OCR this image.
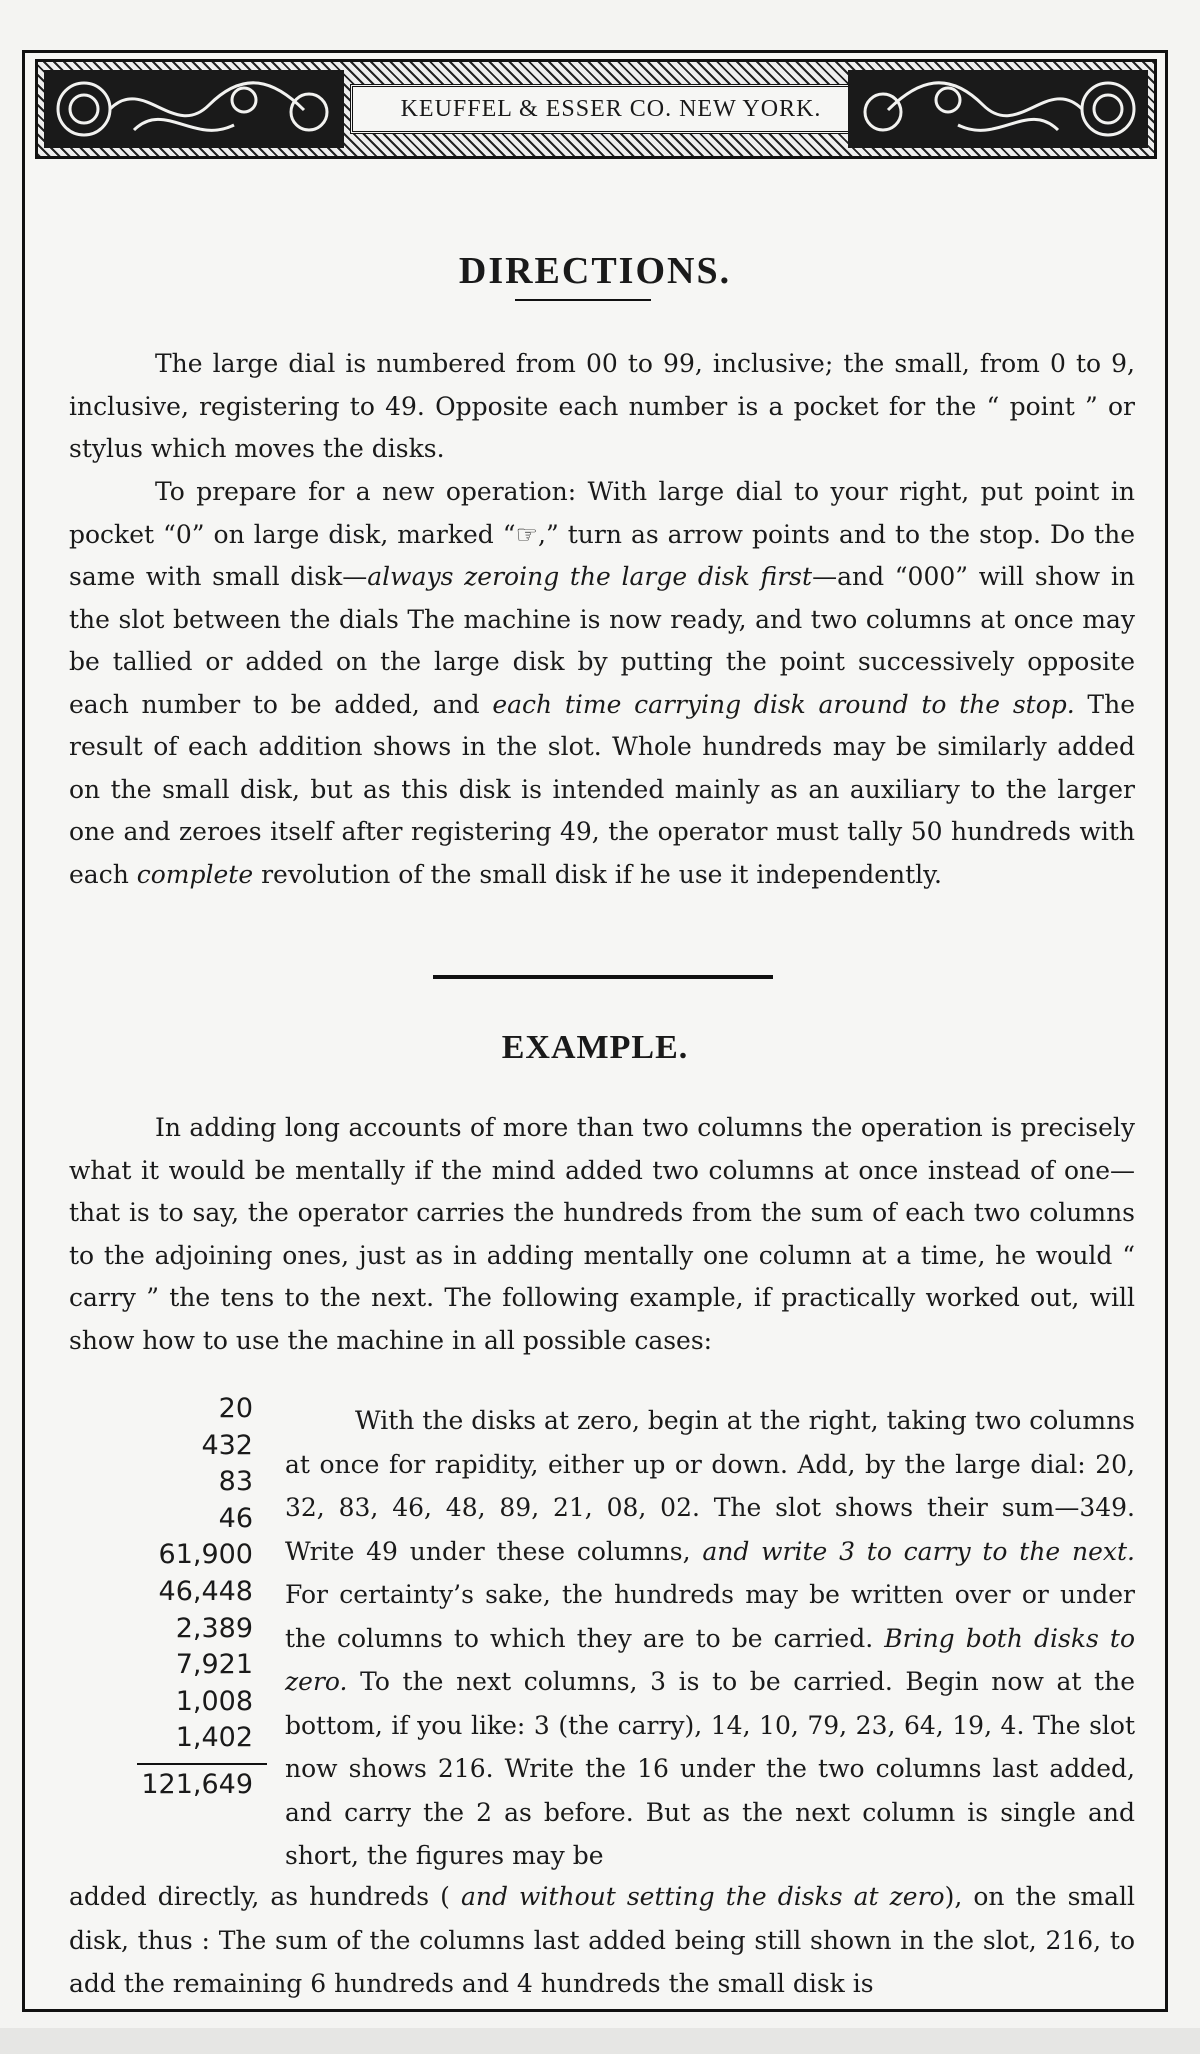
KEUFFEL & ESSER CO. NEW YORK.
DIRECTIONS.

The large dial is numbered from 00 to 99, inclusive; the small, from 0 to 9, inclusive, registering to 49. Opposite each number is a pocket for the “ point ” or stylus which moves the disks.

To prepare for a new operation: With large dial to your right, put point in pocket “0” on large disk, marked “☞,” turn as arrow points and to the stop. Do the same with small disk—always zeroing the large disk first—and “000” will show in the slot between the dials The machine is now ready, and two columns at once may be tallied or added on the large disk by putting the point successively opposite each number to be added, and each time carrying disk around to the stop. The result of each addition shows in the slot. Whole hundreds may be similarly added on the small disk, but as this disk is intended mainly as an auxiliary to the larger one and zeroes itself after registering 49, the operator must tally 50 hundreds with each complete revolution of the small disk if he use it independently.

EXAMPLE.

In adding long accounts of more than two columns the operation is precisely what it would be mentally if the mind added two columns at once instead of one—that is to say, the operator carries the hundreds from the sum of each two columns to the adjoining ones, just as in adding mentally one column at a time, he would “ carry ” the tens to the next. The following example, if practically worked out, will show how to use the machine in all possible cases:

20
432
83
46
61,900
46,448
2,389
7,921
1,008
1,402
121,649

With the disks at zero, begin at the right, taking two columns at once for rapidity, either up or down. Add, by the large dial: 20, 32, 83, 46, 48, 89, 21, 08, 02. The slot shows their sum—349. Write 49 under these columns, and write 3 to carry to the next. For certainty’s sake, the hundreds may be written over or under the columns to which they are to be carried. Bring both disks to zero. To the next columns, 3 is to be carried. Begin now at the bottom, if you like: 3 (the carry), 14, 10, 79, 23, 64, 19, 4. The slot now shows 216. Write the 16 under the two columns last added, and carry the 2 as before. But as the next column is single and short, the figures may be

added directly, as hundreds ( and without setting the disks at zero), on the small disk, thus : The sum of the columns last added being still shown in the slot, 216, to add the remaining 6 hundreds and 4 hundreds the small disk is
